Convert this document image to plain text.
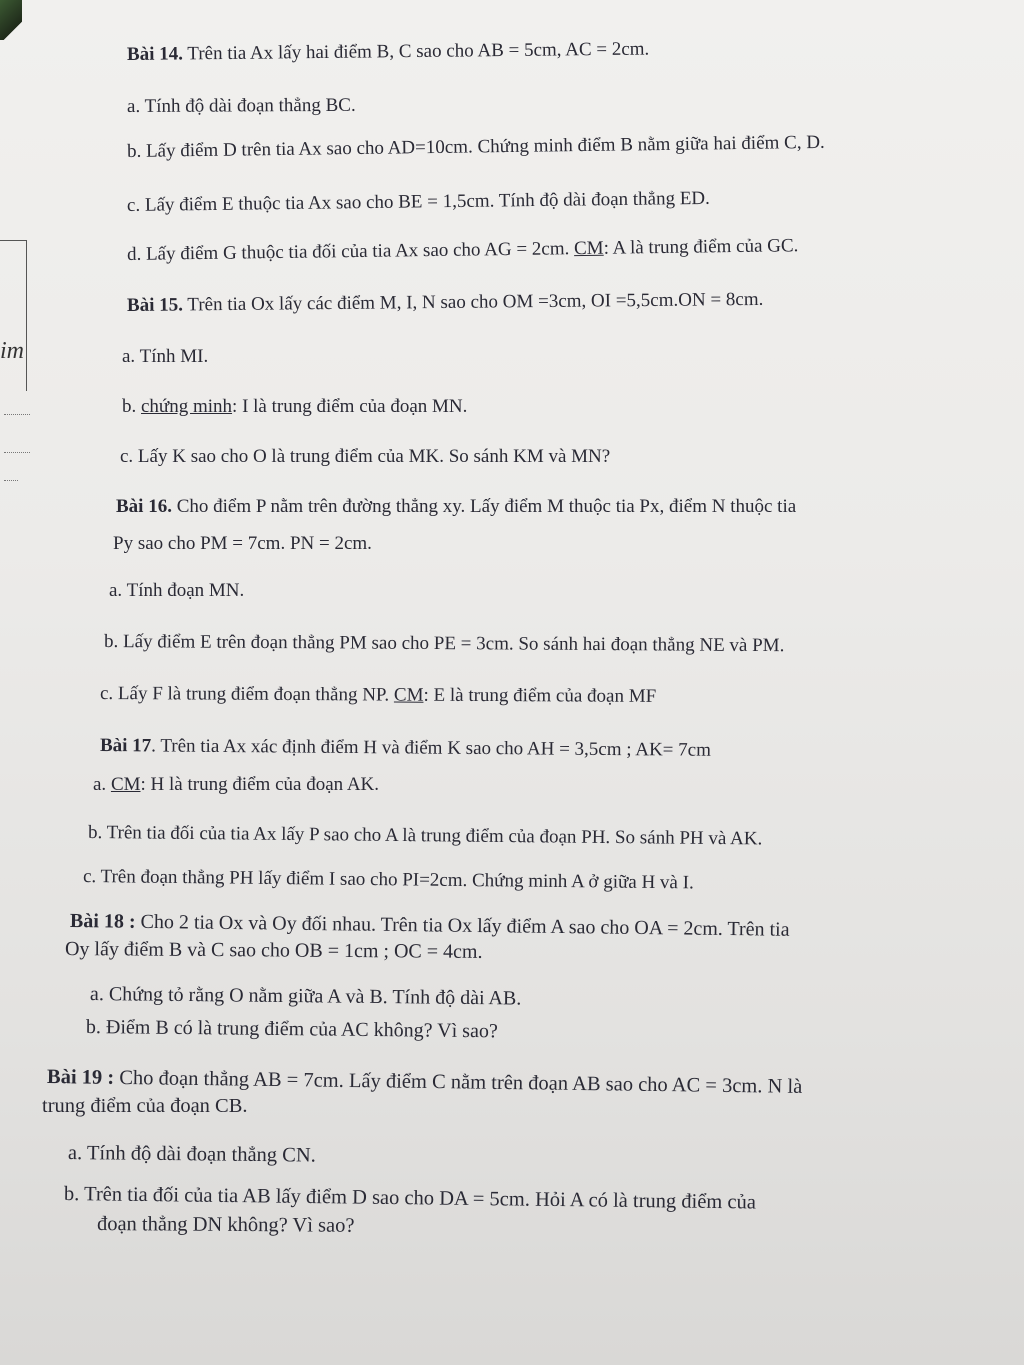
im
Bài 14. Trên tia Ax lấy hai điểm B, C sao cho AB = 5cm, AC = 2cm.
a. Tính độ dài đoạn thẳng BC.
b. Lấy điểm D trên tia Ax sao cho AD=10cm. Chứng minh điểm B nằm giữa hai điểm C, D.
c. Lấy điểm E thuộc tia Ax sao cho BE = 1,5cm. Tính độ dài đoạn thẳng ED.
d. Lấy điểm G thuộc tia đối của tia Ax sao cho AG = 2cm. CM: A là trung điểm của GC.
Bài 15. Trên tia Ox lấy các điểm M, I, N sao cho OM =3cm, OI =5,5cm.ON = 8cm.
a. Tính MI.
b. chứng minh: I là trung điểm của đoạn MN.
c. Lấy K sao cho O là trung điểm của MK. So sánh KM và MN?
Bài 16. Cho điểm P nằm trên đường thẳng xy. Lấy điểm M thuộc tia Px, điểm N thuộc tia
Py sao cho PM = 7cm. PN = 2cm.
a. Tính đoạn MN.
b. Lấy điểm E trên đoạn thẳng PM sao cho PE = 3cm. So sánh hai đoạn thẳng NE và PM.
c. Lấy F là trung điểm đoạn thẳng NP. CM: E là trung điểm của đoạn MF
Bài 17. Trên tia Ax xác định điểm H và điểm K sao cho AH = 3,5cm ; AK= 7cm
a. CM: H là trung điểm của đoạn AK.
b. Trên tia đối của tia Ax lấy P sao cho A là trung điểm của đoạn PH. So sánh PH và AK.
c. Trên đoạn thẳng PH lấy điểm I sao cho PI=2cm. Chứng minh A ở giữa H và I.
Bài 18 : Cho 2 tia Ox và Oy đối nhau. Trên tia Ox lấy điểm A sao cho OA = 2cm. Trên tia
Oy lấy điểm B và C sao cho OB = 1cm ; OC = 4cm.
a. Chứng tỏ rằng O nằm giữa A và B. Tính độ dài AB.
b. Điểm B có là trung điểm của AC không? Vì sao?
Bài 19 : Cho đoạn thẳng AB = 7cm. Lấy điểm C nằm trên đoạn AB sao cho AC = 3cm. N là
trung điểm của đoạn CB.
a. Tính độ dài đoạn thẳng CN.
b. Trên tia đối của tia AB lấy điểm D sao cho DA = 5cm. Hỏi A có là trung điểm của
đoạn thẳng DN không? Vì sao?
